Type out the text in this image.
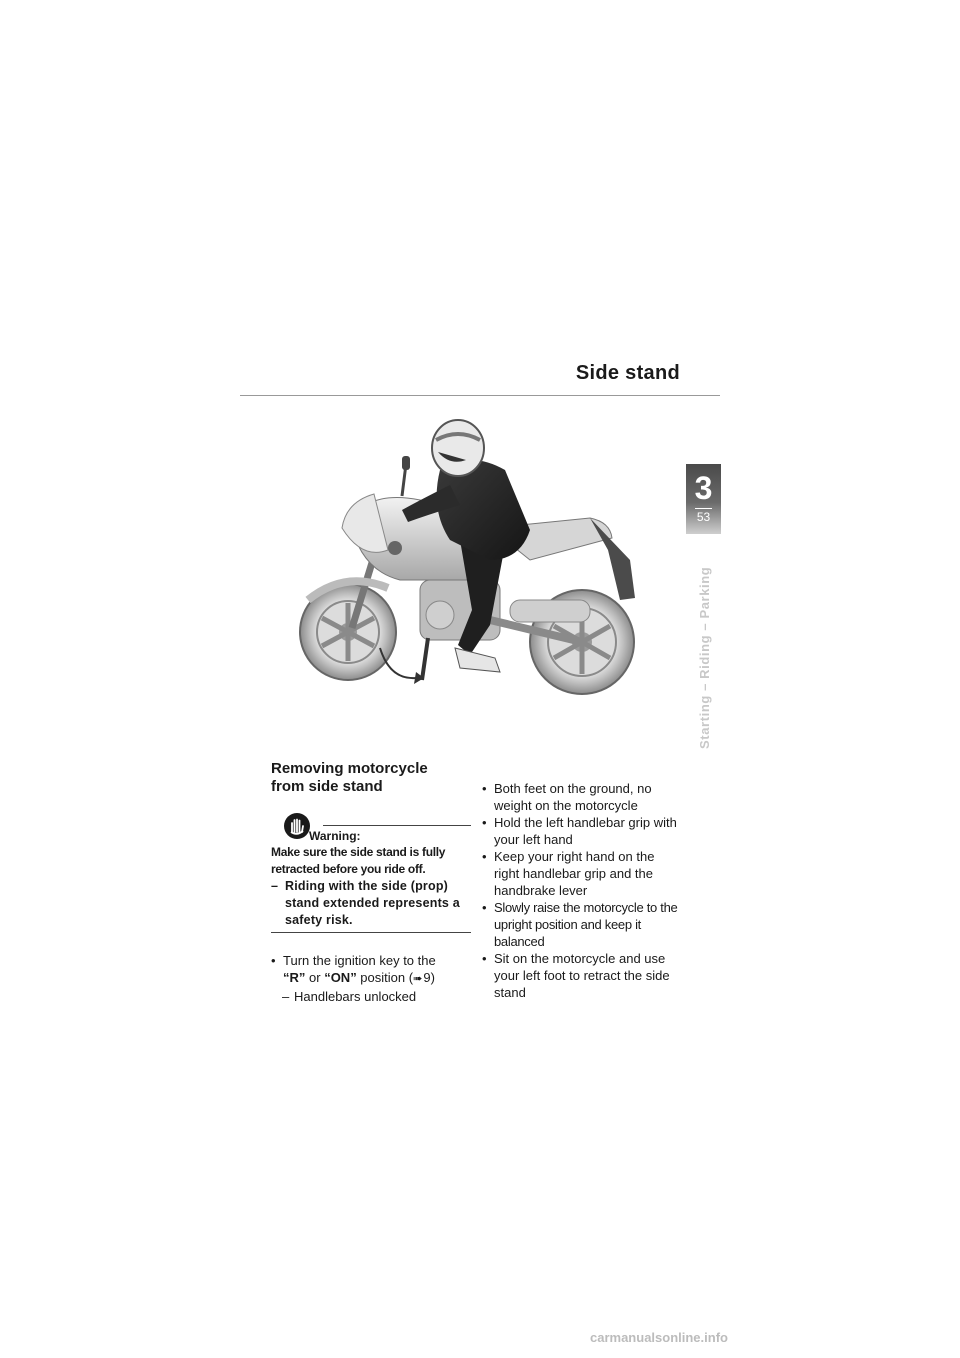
Side stand
3
53
Starting – Riding – Parking
Removing motorcycle
from side stand
Warning:
Make sure the side stand is fully retracted before you ride off.
– Riding with the side (prop) stand extended represents a safety risk.
• Turn the ignition key to the
“R” or “ON” position (➠ 9)
– Handlebars unlocked
• Both feet on the ground, no weight on the motorcycle
• Hold the left handlebar grip with your left hand
• Keep your right hand on the right handlebar grip and the handbrake lever
• Slowly raise the motorcycle to the upright position and keep it balanced
• Sit on the motorcycle and use your left foot to retract the side stand
carmanualsonline.info
